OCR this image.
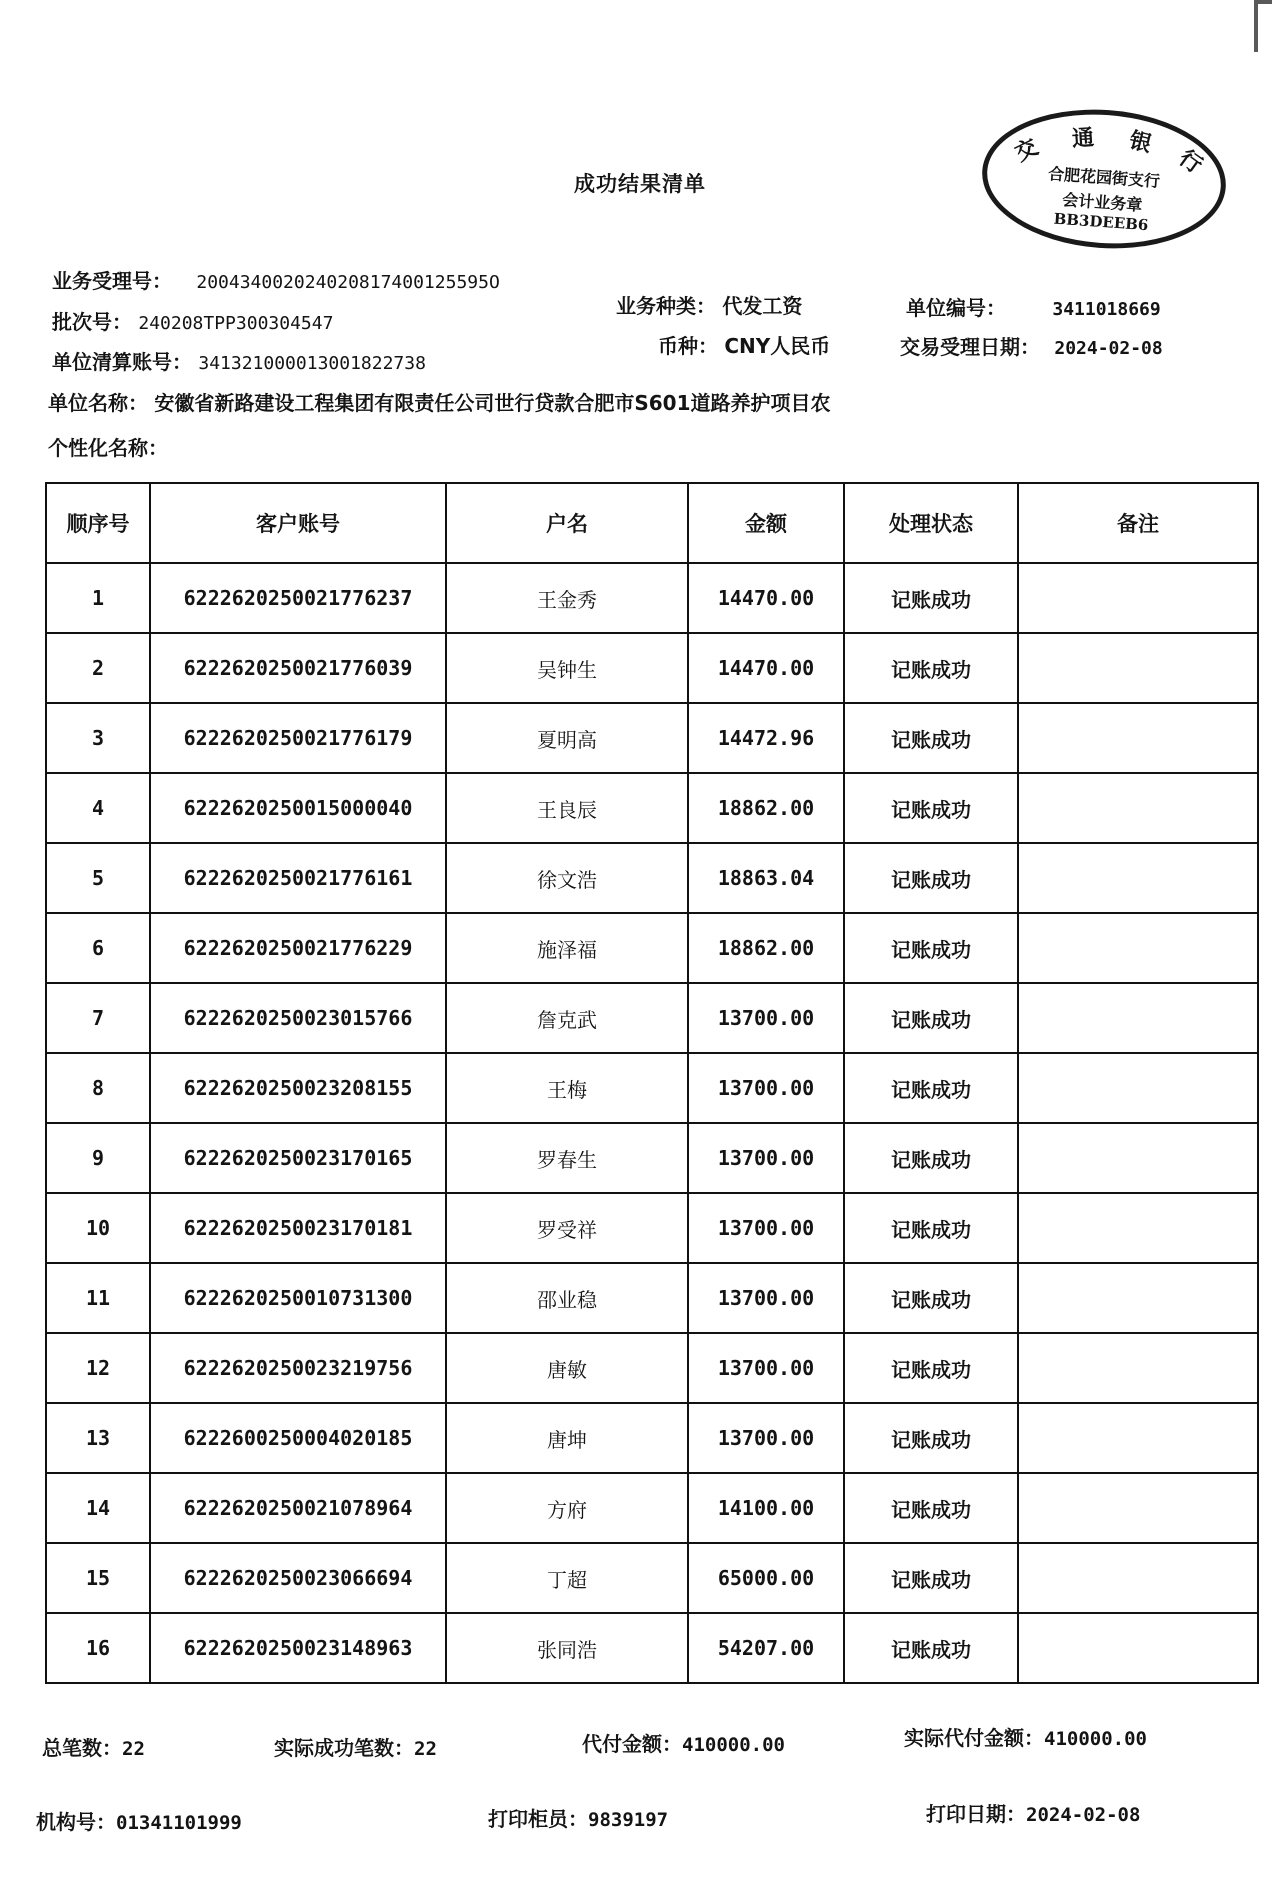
成功结果清单
交 通 银
行
合肥花园街支行
会计业务章
BB3DEEB6
业务受理号： 200434002024020817400125595O
批次号： 240208TPP300304547
单位清算账号： 341321000013001822738
单位名称： 安徽省新路建设工程集团有限责任公司世行贷款合肥市S601道路养护项目农
个性化名称：
业务种类： 代发工资
币种： CNY人民币
单位编号：	3411018669
交易受理日期： 2024-02-08
顺序号	客户账号	户名	金额	处理状态	备注
1	6222620250021776237	王金秀	14470.00	记账成功	
2	6222620250021776039	吴钟生	14470.00	记账成功	
3	6222620250021776179	夏明高	14472.96	记账成功	
4	6222620250015000040	王良辰	18862.00	记账成功	
5	6222620250021776161	徐文浩	18863.04	记账成功	
6	6222620250021776229	施泽福	18862.00	记账成功	
7	6222620250023015766	詹克武	13700.00	记账成功	
8	6222620250023208155	王梅	13700.00	记账成功	
9	6222620250023170165	罗春生	13700.00	记账成功	
10	6222620250023170181	罗受祥	13700.00	记账成功	
11	6222620250010731300	邵业稳	13700.00	记账成功	
12	6222620250023219756	唐敏	13700.00	记账成功	
13	6222600250004020185	唐坤	13700.00	记账成功	
14	6222620250021078964	方府	14100.00	记账成功	
15	6222620250023066694	丁超	65000.00	记账成功	
16	6222620250023148963	张同浩	54207.00	记账成功	
总笔数：22	实际成功笔数：22	代付金额：410000.00	实际代付金额：410000.00
机构号：01341101999	打印柜员：9839197	打印日期：2024-02-08
